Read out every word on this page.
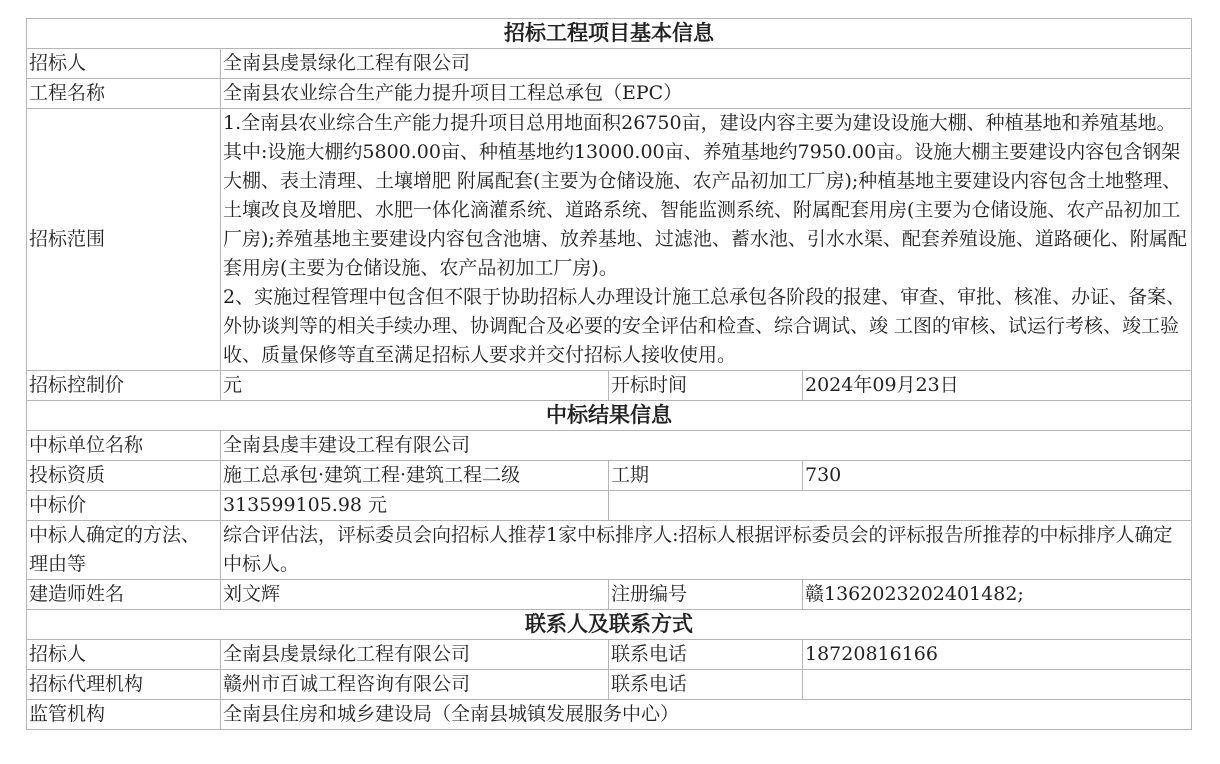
招标工程项目基本信息			
招标人	全南县虔景绿化工程有限公司		
工程名称	全南县农业综合生产能力提升项目工程总承包（EPC）		
招标范围	1.全南县农业综合生产能力提升项目总用地面积26750亩，建设内容主要为建设设施大棚、种植基地和养殖基地。其中:设施大棚约5800.00亩、种植基地约13000.00亩、养殖基地约7950.00亩。设施大棚主要建设内容包含钢架大棚、表土清理、土壤增肥 附属配套(主要为仓储设施、农产品初加工厂房);种植基地主要建设内容包含土地整理、土壤改良及增肥、水肥一体化滴灌系统、道路系统、智能监测系统、附属配套用房(主要为仓储设施、农产品初加工厂房);养殖基地主要建设内容包含池塘、放养基地、过滤池、蓄水池、引水水渠、配套养殖设施、道路硬化、附属配套用房(主要为仓储设施、农产品初加工厂房)。
2、实施过程管理中包含但不限于协助招标人办理设计施工总承包各阶段的报建、审查、审批、核准、办证、备案、外协谈判等的相关手续办理、协调配合及必要的安全评估和检查、综合调试、竣 工图的审核、试运行考核、竣工验收、质量保修等直至满足招标人要求并交付招标人接收使用。		

招标控制价	元	开标时间	2024年09月23日
中标结果信息			
中标单位名称	全南县虔丰建设工程有限公司		
投标资质	施工总承包·建筑工程·建筑工程二级	工期	730
中标价	313599105.98 元		
中标人确定的方法、理由等	综合评估法，评标委员会向招标人推荐1家中标排序人:招标人根据评标委员会的评标报告所推荐的中标排序人确定中标人。		
建造师姓名	刘文辉	注册编号	赣1362023202401482;
联系人及联系方式			
招标人	全南县虔景绿化工程有限公司	联系电话	18720816166
招标代理机构	赣州市百诚工程咨询有限公司	联系电话	
监管机构	全南县住房和城乡建设局（全南县城镇发展服务中心）		
